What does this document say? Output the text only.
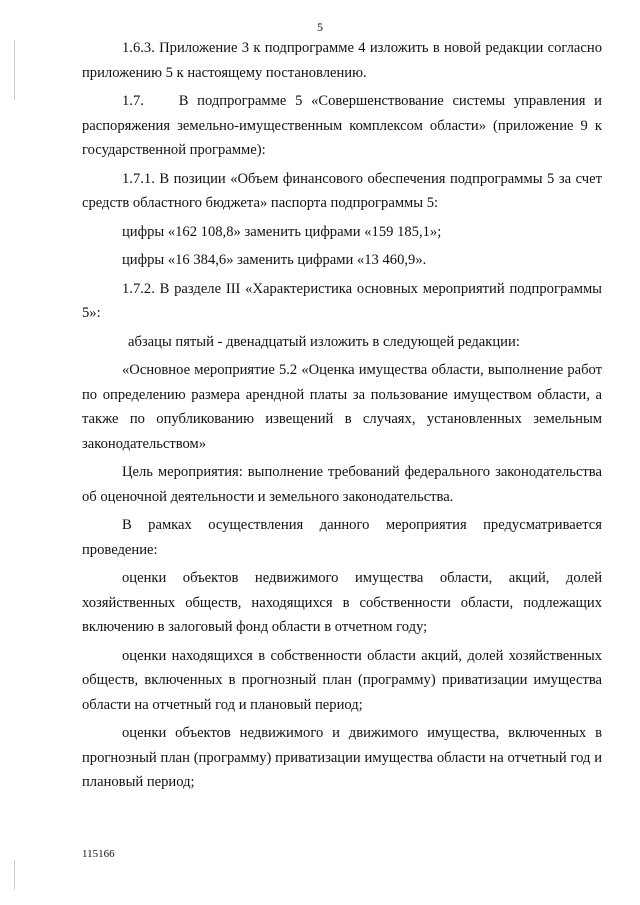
5

1.6.3. Приложение 3 к подпрограмме 4 изложить в новой редакции согласно приложению 5 к настоящему постановлению.

1.7.    В подпрограмме 5 «Совершенствование системы управления и распоряжения земельно-имущественным комплексом области» (приложение 9 к государственной программе):

1.7.1. В позиции «Объем финансового обеспечения подпрограммы 5 за счет средств областного бюджета» паспорта подпрограммы 5:

цифры «162 108,8» заменить цифрами «159 185,1»;

цифры «16 384,6» заменить цифрами «13 460,9».

1.7.2. В разделе III «Характеристика основных мероприятий подпрограммы 5»:

абзацы пятый - двенадцатый изложить в следующей редакции:

«Основное мероприятие 5.2 «Оценка имущества области, выполнение работ по определению размера арендной платы за пользование имуществом области, а также по опубликованию извещений в случаях, установленных земельным законодательством»

Цель мероприятия: выполнение требований федерального законодательства об оценочной деятельности и земельного законодательства.

В рамках осуществления данного мероприятия предусматривается проведение:

оценки объектов недвижимого имущества области, акций, долей хозяйственных обществ, находящихся в собственности области, подлежащих включению в залоговый фонд области в отчетном году;

оценки находящихся в собственности области акций, долей хозяйственных обществ, включенных в прогнозный план (программу) приватизации имущества области на отчетный год и плановый период;

оценки объектов недвижимого и движимого имущества, включенных в прогнозный план (программу) приватизации имущества области на отчетный год и плановый период;

115166
